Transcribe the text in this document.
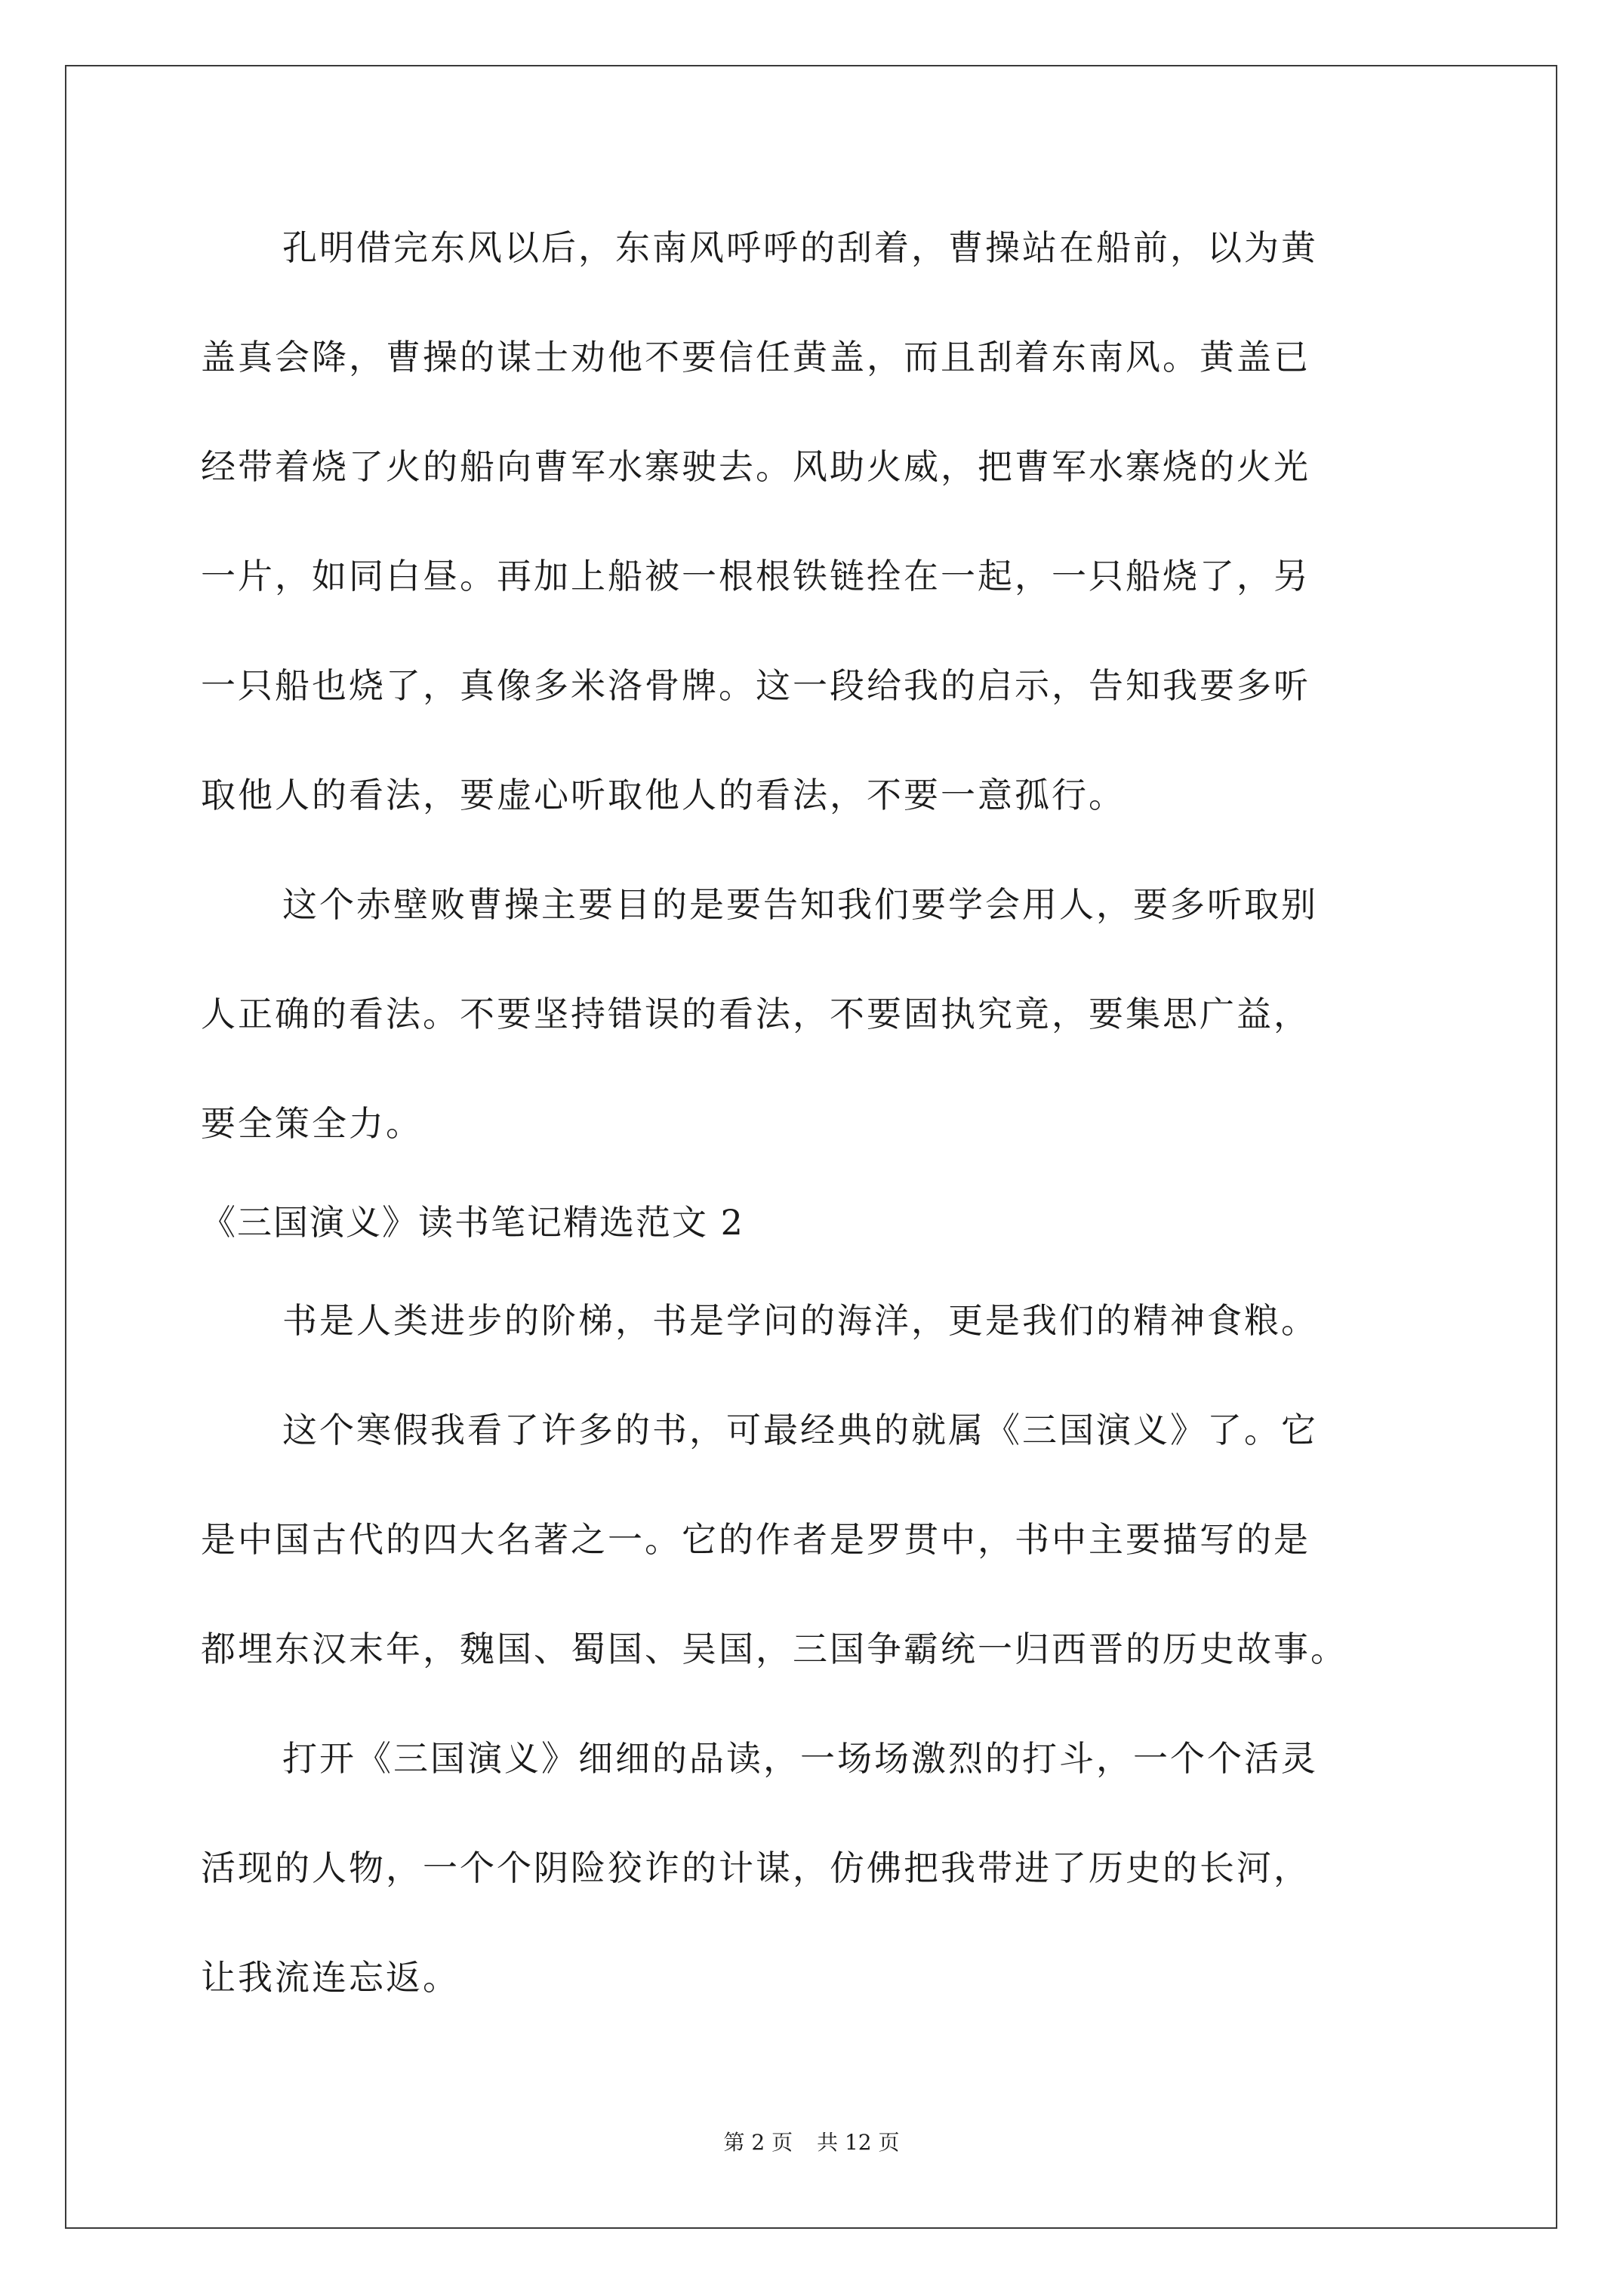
孔明借完东风以后，东南风呼呼的刮着，曹操站在船前，以为黄
盖真会降，曹操的谋士劝他不要信任黄盖，而且刮着东南风。黄盖已
经带着烧了火的船向曹军水寨驶去。风助火威，把曹军水寨烧的火光
一片，如同白昼。再加上船被一根根铁链拴在一起，一只船烧了，另
一只船也烧了，真像多米洛骨牌。这一段给我的启示，告知我要多听
取他人的看法，要虚心听取他人的看法，不要一意孤行。
这个赤壁败曹操主要目的是要告知我们要学会用人，要多听取别
人正确的看法。不要坚持错误的看法，不要固执究竟，要集思广益，
要全策全力。
《三国演义》读书笔记精选范文 2
书是人类进步的阶梯，书是学问的海洋，更是我们的精神食粮。
这个寒假我看了许多的书，可最经典的就属《三国演义》了。它
是中国古代的四大名著之一。它的作者是罗贯中，书中主要描写的是
都埋东汉末年，魏国、蜀国、吴国，三国争霸统一归西晋的历史故事。
打开《三国演义》细细的品读，一场场激烈的打斗，一个个活灵
活现的人物，一个个阴险狡诈的计谋，仿佛把我带进了历史的长河，
让我流连忘返。
第 2 页 共 12 页
